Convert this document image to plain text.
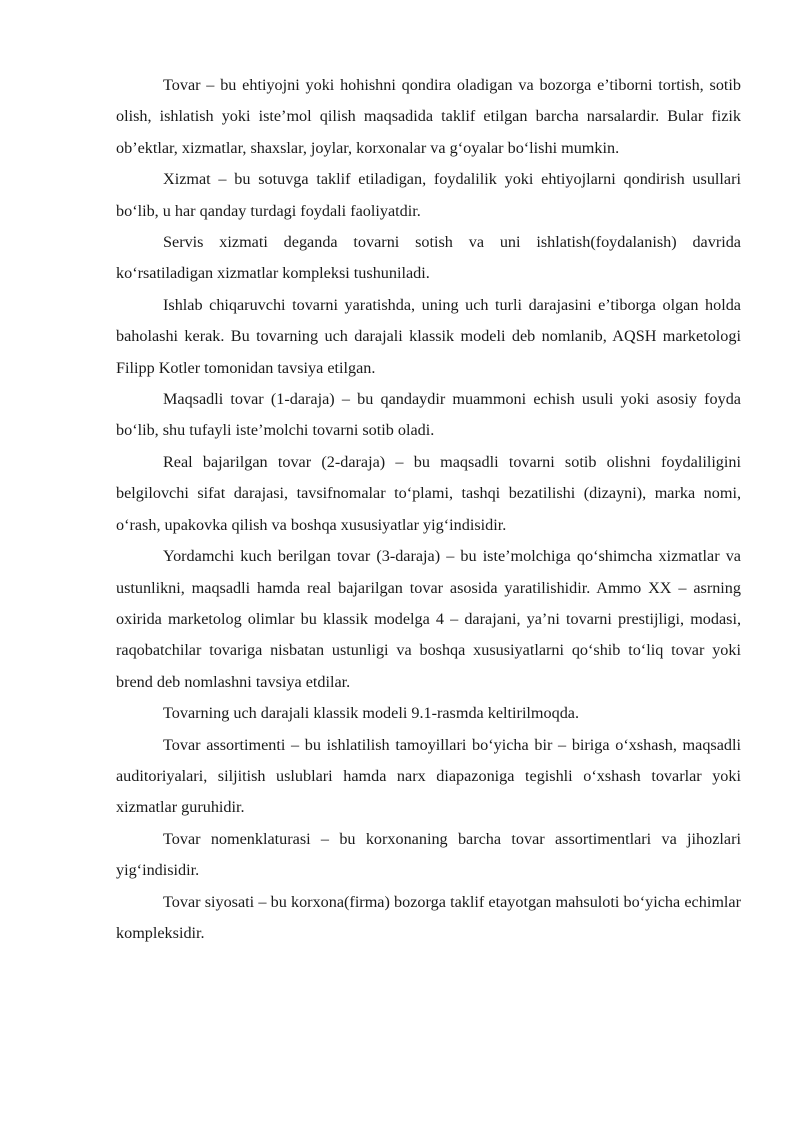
Tovar – bu ehtiyojni yoki hohishni qondira oladigan va bozorga e’tiborni tortish, sotib olish, ishlatish yoki iste’mol qilish maqsadida taklif etilgan barcha narsalardir. Bular fizik ob’ektlar, xizmatlar, shaxslar, joylar, korxonalar va g‘oyalar bo‘lishi mumkin.

Xizmat – bu sotuvga taklif etiladigan, foydalilik yoki ehtiyojlarni qondirish usullari bo‘lib, u har qanday turdagi foydali faoliyatdir.

Servis xizmati deganda tovarni sotish va uni ishlatish(foydalanish) davrida ko‘rsatiladigan xizmatlar kompleksi tushuniladi.

Ishlab chiqaruvchi tovarni yaratishda, uning uch turli darajasini e’tiborga olgan holda baholashi kerak. Bu tovarning uch darajali klassik modeli deb nomlanib, AQSH marketologi Filipp Kotler tomonidan tavsiya etilgan.

Maqsadli tovar (1-daraja) – bu qandaydir muammoni echish usuli yoki asosiy foyda bo‘lib, shu tufayli iste’molchi tovarni sotib oladi.

Real bajarilgan tovar (2-daraja) – bu maqsadli tovarni sotib olishni foydaliligini belgilovchi sifat darajasi, tavsifnomalar to‘plami, tashqi bezatilishi (dizayni), marka nomi, o‘rash, upakovka qilish va boshqa xususiyatlar yig‘indisidir.

Yordamchi kuch berilgan tovar (3-daraja) – bu iste’molchiga qo‘shimcha xizmatlar va ustunlikni, maqsadli hamda real bajarilgan tovar asosida yaratilishidir. Ammo XX – asrning oxirida marketolog olimlar bu klassik modelga 4 – darajani, ya’ni tovarni prestijligi, modasi, raqobatchilar tovariga nisbatan ustunligi va boshqa xususiyatlarni qo‘shib to‘liq tovar yoki brend deb nomlashni tavsiya etdilar.

Tovarning uch darajali klassik modeli 9.1-rasmda keltirilmoqda.

Tovar assortimenti – bu ishlatilish tamoyillari bo‘yicha bir – biriga o‘xshash, maqsadli auditoriyalari, siljitish uslublari hamda narx diapazoniga tegishli o‘xshash tovarlar yoki xizmatlar guruhidir.

Tovar nomenklaturasi – bu korxonaning barcha tovar assortimentlari va jihozlari yig‘indisidir.

Tovar siyosati – bu korxona(firma) bozorga taklif etayotgan mahsuloti bo‘yicha echimlar kompleksidir.
